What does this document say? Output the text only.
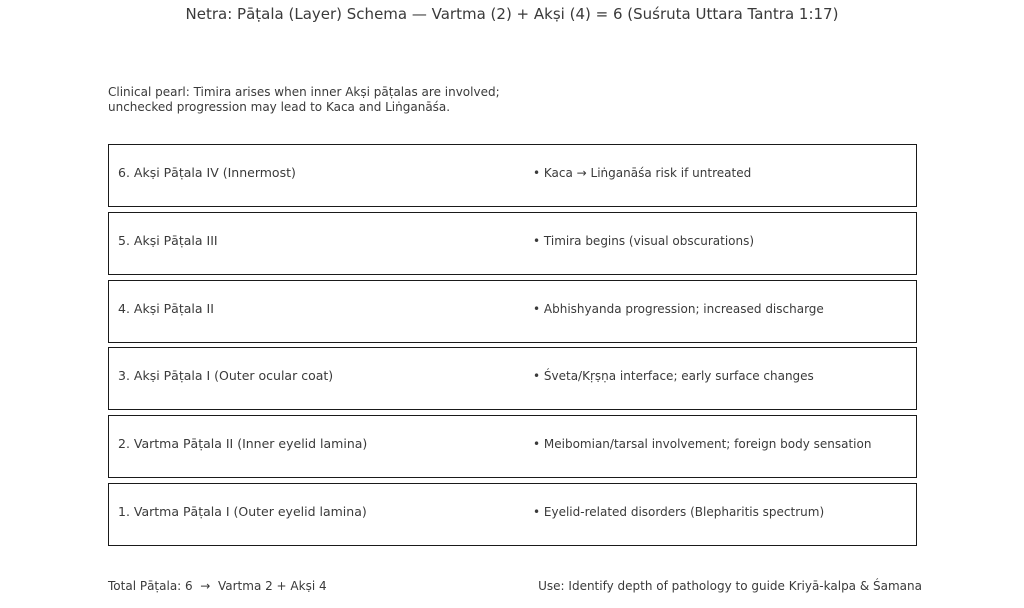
Netra: Pāṭala (Layer) Schema — Vartma (2) + Akṣi (4) = 6 (Suśruta Uttara Tantra 1:17)
Clinical pearl: Timira arises when inner Akṣi pāṭalas are involved;
unchecked progression may lead to Kaca and Liṅganāśa.
6. Akṣi Pāṭala IV (Innermost)	• Kaca → Liṅganāśa risk if untreated
5. Akṣi Pāṭala III	• Timira begins (visual obscurations)
4. Akṣi Pāṭala II	• Abhishyanda progression; increased discharge
3. Akṣi Pāṭala I (Outer ocular coat)	• Śveta/Kṛṣṇa interface; early surface changes
2. Vartma Pāṭala II (Inner eyelid lamina)	• Meibomian/tarsal involvement; foreign body sensation
1. Vartma Pāṭala I (Outer eyelid lamina)	• Eyelid-related disorders (Blepharitis spectrum)
Total Pāṭala: 6  →  Vartma 2 + Akṣi 4	Use: Identify depth of pathology to guide Kriyā-kalpa & Śamana
